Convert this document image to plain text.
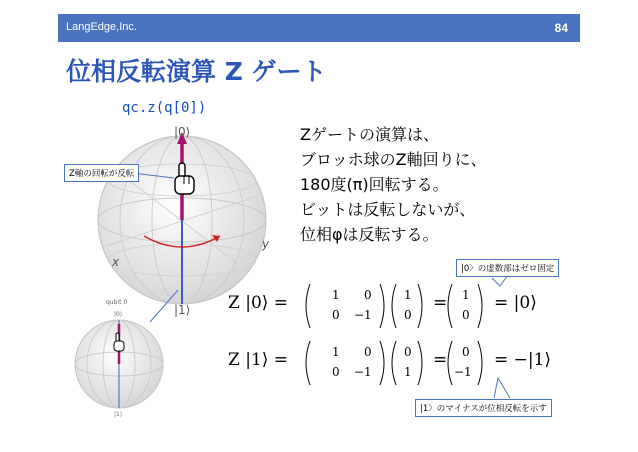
LangEdge,Inc.	84
位相反転演算 Z ゲート
qc.z(q[0])
|0⟩
|1⟩
x
y
qubit 0
|0⟩
|1⟩
Z軸の回転が反転
Zゲートの演算は、
ブロッホ球のZ軸回りに、
180度(π)回転する。
ビットは反転しないが、
位相φは反転する。
|0〉の虚数部はゼロ固定
Z |0⟩ =	1 0
0 −1
1
0
1
0
=	= |0⟩
Z |1⟩ =	1 0
0 −1
0
1
0
−1
=	= −|1⟩
|1〉のマイナスが位相反転を示す
